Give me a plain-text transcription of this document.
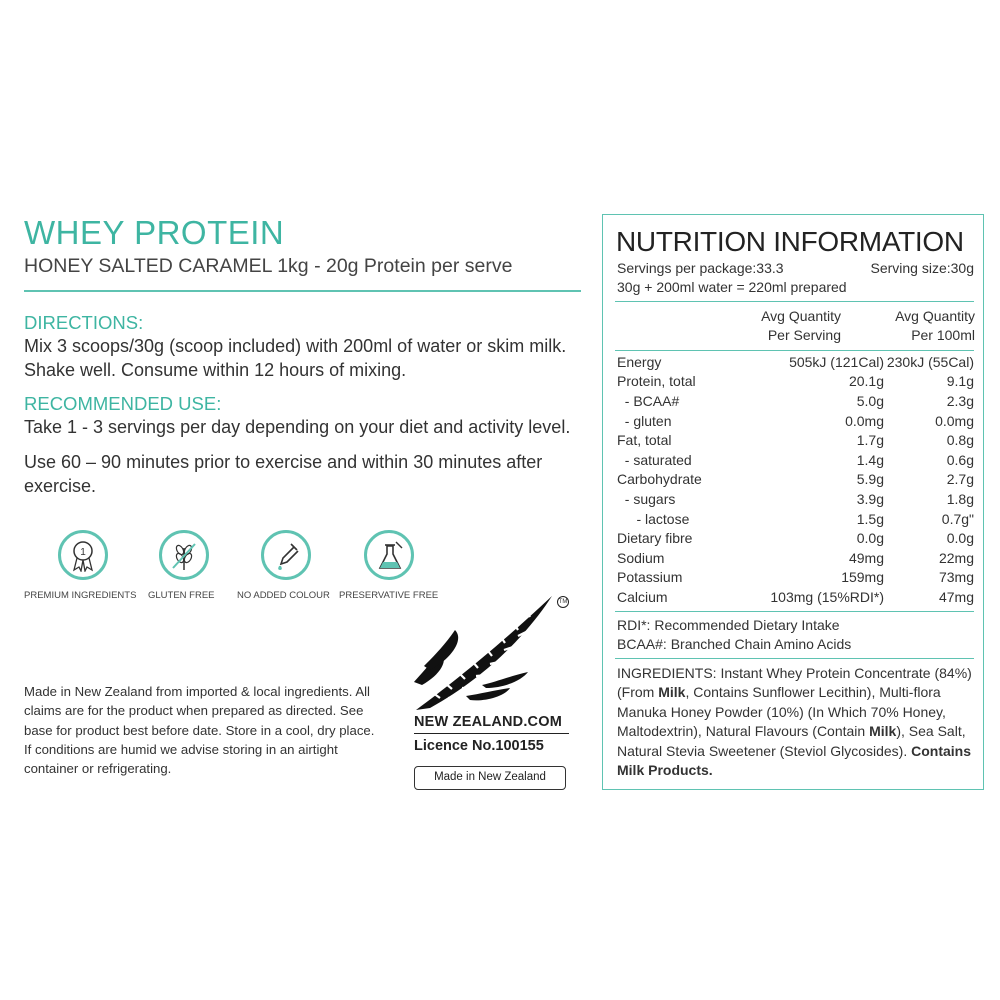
WHEY PROTEIN
HONEY SALTED CARAMEL 1kg - 20g Protein per serve
DIRECTIONS:
Mix 3 scoops/30g (scoop included) with 200ml of water or skim milk. Shake well. Consume within 12 hours of mixing.
RECOMMENDED USE:
Take 1 - 3 servings per day depending on your diet and activity level.
Use 60 – 90 minutes prior to exercise and within 30 minutes after exercise.
1
PREMIUM INGREDIENTS GLUTEN FREE NO ADDED COLOUR PRESERVATIVE FREE
Made in New Zealand from imported & local ingredients. All claims are for the product when prepared as directed. See base for product best before date. Store in a cool, dry place. If conditions are humid we advise storing in an airtight container or refrigerating.
TM
NEW ZEALAND.COM
Licence No.100155
Made in New Zealand
NUTRITION INFORMATION
Servings per package:33.3	Serving size:30g
30g + 200ml water = 220ml prepared
Avg Quantity
Per Serving
Avg Quantity
Per 100ml
Energy	505kJ (121Cal)	230kJ (55Cal)
Protein, total	20.1g	9.1g
- BCAA#	5.0g	2.3g
- gluten	0.0mg	0.0mg
Fat, total	1.7g	0.8g
- saturated	1.4g	0.6g
Carbohydrate	5.9g	2.7g
- sugars	3.9g	1.8g
- lactose	1.5g	0.7g"
Dietary fibre	0.0g	0.0g
Sodium	49mg	22mg
Potassium	159mg	73mg
Calcium	103mg (15%RDI*)	47mg
RDI*: Recommended Dietary Intake
BCAA#: Branched Chain Amino Acids
INGREDIENTS: Instant Whey Protein Concentrate (84%) (From Milk, Contains Sunflower Lecithin), Multi-flora Manuka Honey Powder (10%) (In Which 70% Honey, Maltodextrin), Natural Flavours (Contain Milk), Sea Salt, Natural Stevia Sweetener (Steviol Glycosides). Contains Milk Products.
